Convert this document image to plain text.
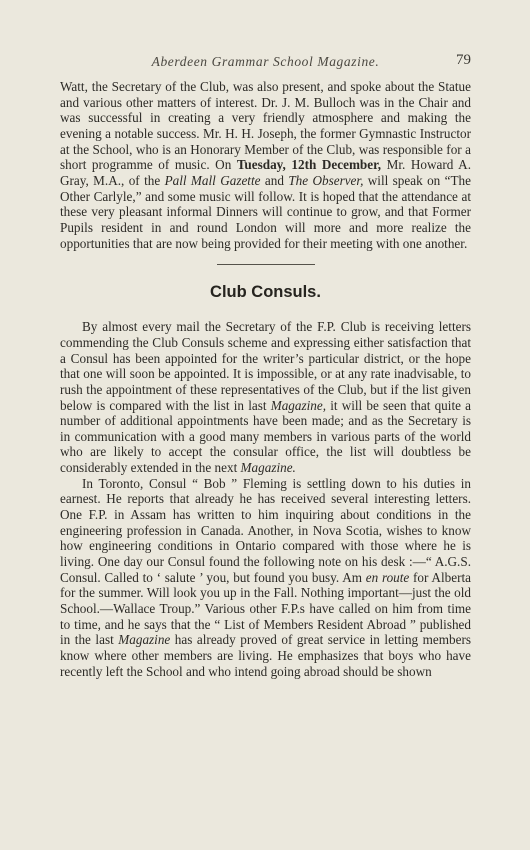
Aberdeen Grammar School Magazine.	79

Watt, the Secretary of the Club, was also present, and spoke about the Statue and various other matters of interest. Dr. J. M. Bulloch was in the Chair and was successful in creating a very friendly atmosphere and making the evening a notable success. Mr. H. H. Joseph, the former Gymnastic Instructor at the School, who is an Honorary Member of the Club, was responsible for a short programme of music. On Tuesday, 12th December, Mr. Howard A. Gray, M.A., of the Pall Mall Gazette and The Observer, will speak on “The Other Carlyle,” and some music will follow. It is hoped that the attendance at these very pleasant informal Dinners will continue to grow, and that Former Pupils resident in and round London will more and more realize the opportunities that are now being provided for their meeting with one another.

Club Consuls.

By almost every mail the Secretary of the F.P. Club is receiving letters commending the Club Consuls scheme and expressing either satisfaction that a Consul has been appointed for the writer’s particular district, or the hope that one will soon be appointed. It is impossible, or at any rate inadvisable, to rush the appointment of these representatives of the Club, but if the list given below is compared with the list in last Magazine, it will be seen that quite a number of additional appointments have been made; and as the Secretary is in communication with a good many members in various parts of the world who are likely to accept the consular office, the list will doubtless be considerably extended in the next Magazine.

In Toronto, Consul “ Bob ” Fleming is settling down to his duties in earnest. He reports that already he has received several interesting letters. One F.P. in Assam has written to him inquiring about conditions in the engineering profession in Canada. Another, in Nova Scotia, wishes to know how engineering conditions in Ontario compared with those where he is living. One day our Consul found the following note on his desk :—“ A.G.S. Consul. Called to ‘ salute ’ you, but found you busy. Am en route for Alberta for the summer. Will look you up in the Fall. Nothing important—just the old School.—Wallace Troup.” Various other F.P.s have called on him from time to time, and he says that the “ List of Members Resident Abroad ” published in the last Magazine has already proved of great service in letting members know where other members are living. He emphasizes that boys who have recently left the School and who intend going abroad should be shown
